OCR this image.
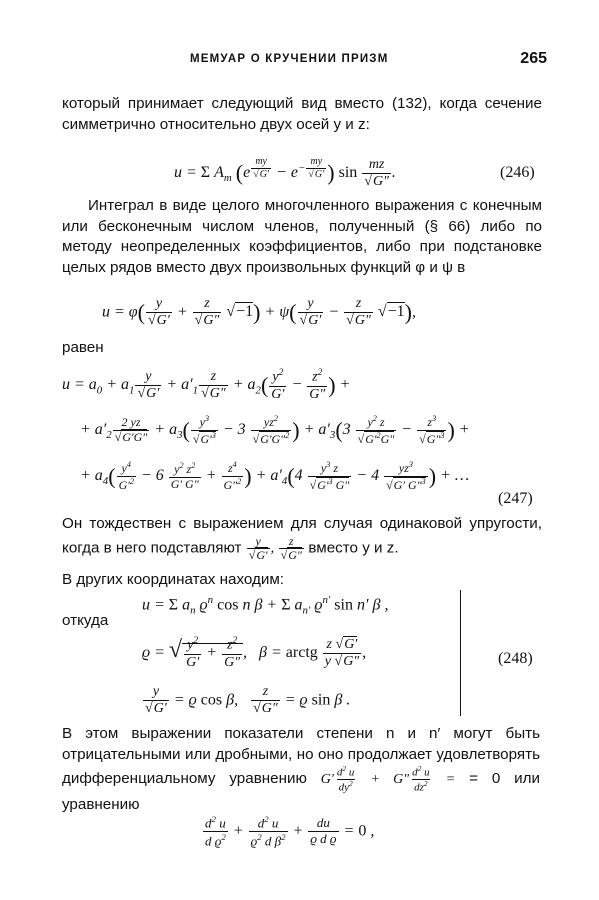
МЕМУАР О КРУЧЕНИИ ПРИЗМ	265

который принимает следующий вид вместо (132), когда сечение симметрично относительно двух осей y и z:

u = Σ $A_m$ (e $^{my √ G'} - e^{- my √ G'}$ ) sin mz
√ G″ .	(246)

Интеграл в виде целого многочленного выражения с конечным или бесконечным числом членов, полученный (§ 66) либо по методу неопределенных коэффициентов, либо при подстановке целых рядов вместо двух произвольных функций φ и ψ в

u = φ( y
√ G′ + z
√ G″ √ −1) + ψ( y
√ G′ − z
√ G″ √ −1),

равен

$u = a_0 + a_1$ y
√ $G' + a'_1$ z
√ $G'' + a_2( \frac{y^2}{G'} - \frac{z^2}{G''}$ ) +
+ $a'_2$ 2 yz
√ $G'G'' + a_3$( $y^3$
√ $G'^3 - 3$ $yz^2$
√ G′G″$^2$ ) + $a'_3(3$ $y^2$ z
√ $G'^2G'' - z^3$
√ G″$^3$ ) +
+ $a_4( \frac{y^4}{G'^2} - 6 \frac{y^2 z^2}{G' G''} + \frac{z^4}{G''^2}$ ) + $a'_4(4$ $y^3$ z
√ $G'^3$ G″ − 4 $yz^3$
√ G′ G″$^3$ ) + …
(247)

Он тождествен с выражением для случая одинаковой упругости, когда в него подставляют y
√ G′ , z
√ G″ вместо y и z.

В других координатах находим:

u = Σ $a_n$ $ϱ^n$ cos n β + Σ $a_{n'}$ $ϱ^{n'}$ sin n′ β ,
откуда
ϱ = √ $\frac{y^2}{G'} + \frac{z^2}{G''}$ ,   β = arctg $\frac{z √ G'}{y √ G''}$ ,
y
√ G′ = ϱ cos β, z
√ G″ = ϱ sin β .
(248)

В этом выражении показатели степени n и n′ могут быть отрицательными или дробными, но оно продолжает удовлетворять дифференциальному уравнению $G' \frac{d^2 u}{dy^2} + G'' \frac{d^2 u}{dz^2}$ = = 0 или уравнению

$\frac{d^2 u}{d ϱ^2} + \frac{d^2 u}{ϱ^2 d \beta^2} + \frac{du}{\text{ϱ d ϱ}} = 0$ ,
